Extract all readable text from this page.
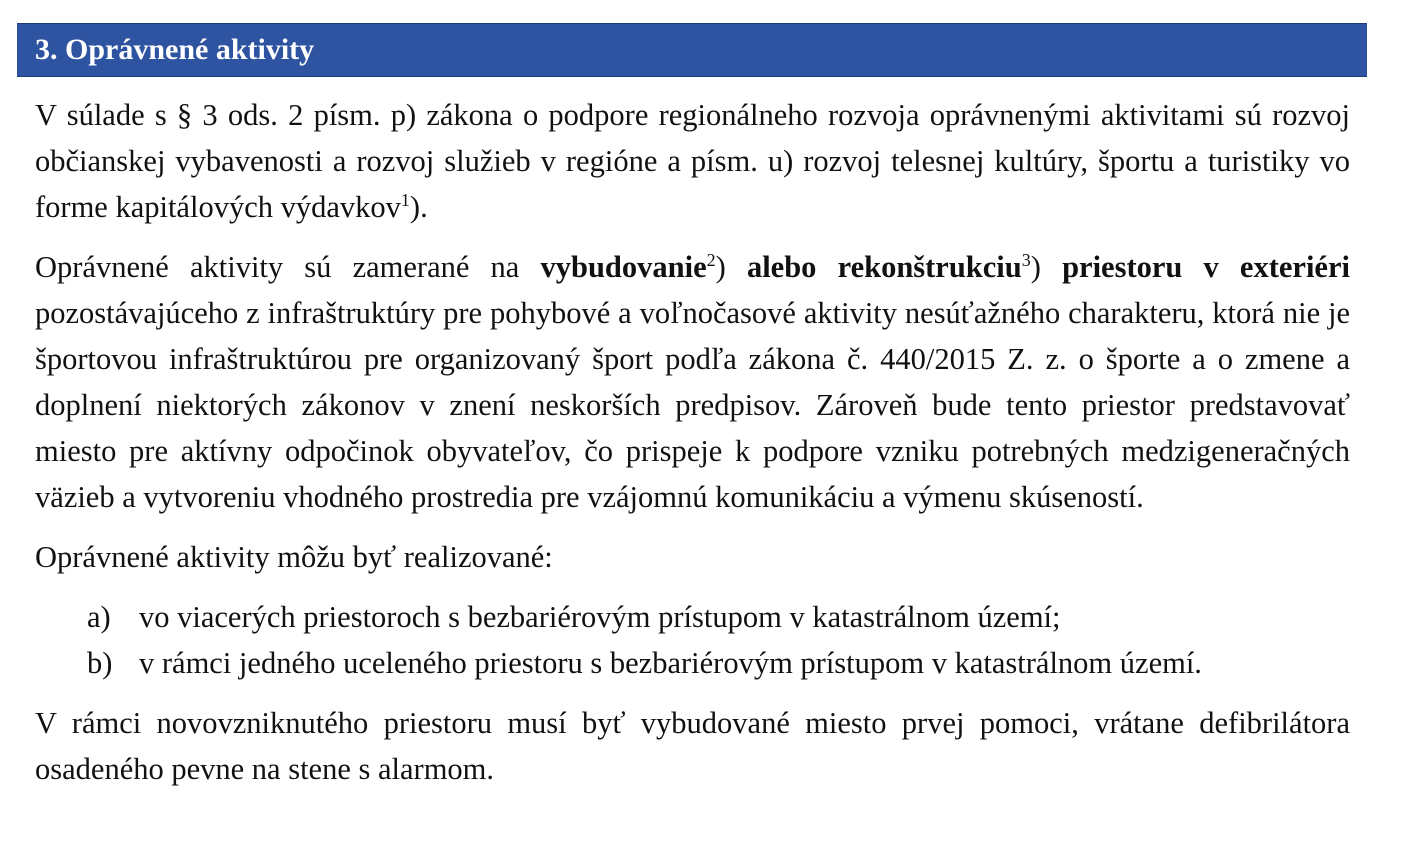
3. Oprávnené aktivity

V súlade s § 3 ods. 2 písm. p) zákona o podpore regionálneho rozvoja oprávnenými aktivitami sú rozvoj občianskej vybavenosti a rozvoj služieb v regióne a písm. u) rozvoj telesnej kultúry, športu a turistiky vo forme kapitálových výdavkov$^1$).

Oprávnené aktivity sú zamerané na vybudovanie$^2$) alebo rekonštrukciu$^3$) priestoru v exteriéri pozostávajúceho z infraštruktúry pre pohybové a voľnočasové aktivity nesúťažného charakteru, ktorá nie je športovou infraštruktúrou pre organizovaný šport podľa zákona č. 440/2015 Z. z. o športe a o zmene a doplnení niektorých zákonov v znení neskorších predpisov. Zároveň bude tento priestor predstavovať miesto pre aktívny odpočinok obyvateľov, čo prispeje k podpore vzniku potrebných medzigeneračných väzieb a vytvoreniu vhodného prostredia pre vzájomnú komunikáciu a výmenu skúseností.

Oprávnené aktivity môžu byť realizované:

a) vo viacerých priestoroch s bezbariérovým prístupom v katastrálnom území;
b) v rámci jedného uceleného priestoru s bezbariérovým prístupom v katastrálnom území.

V rámci novovzniknutého priestoru musí byť vybudované miesto prvej pomoci, vrátane defibrilátora osadeného pevne na stene s alarmom.
